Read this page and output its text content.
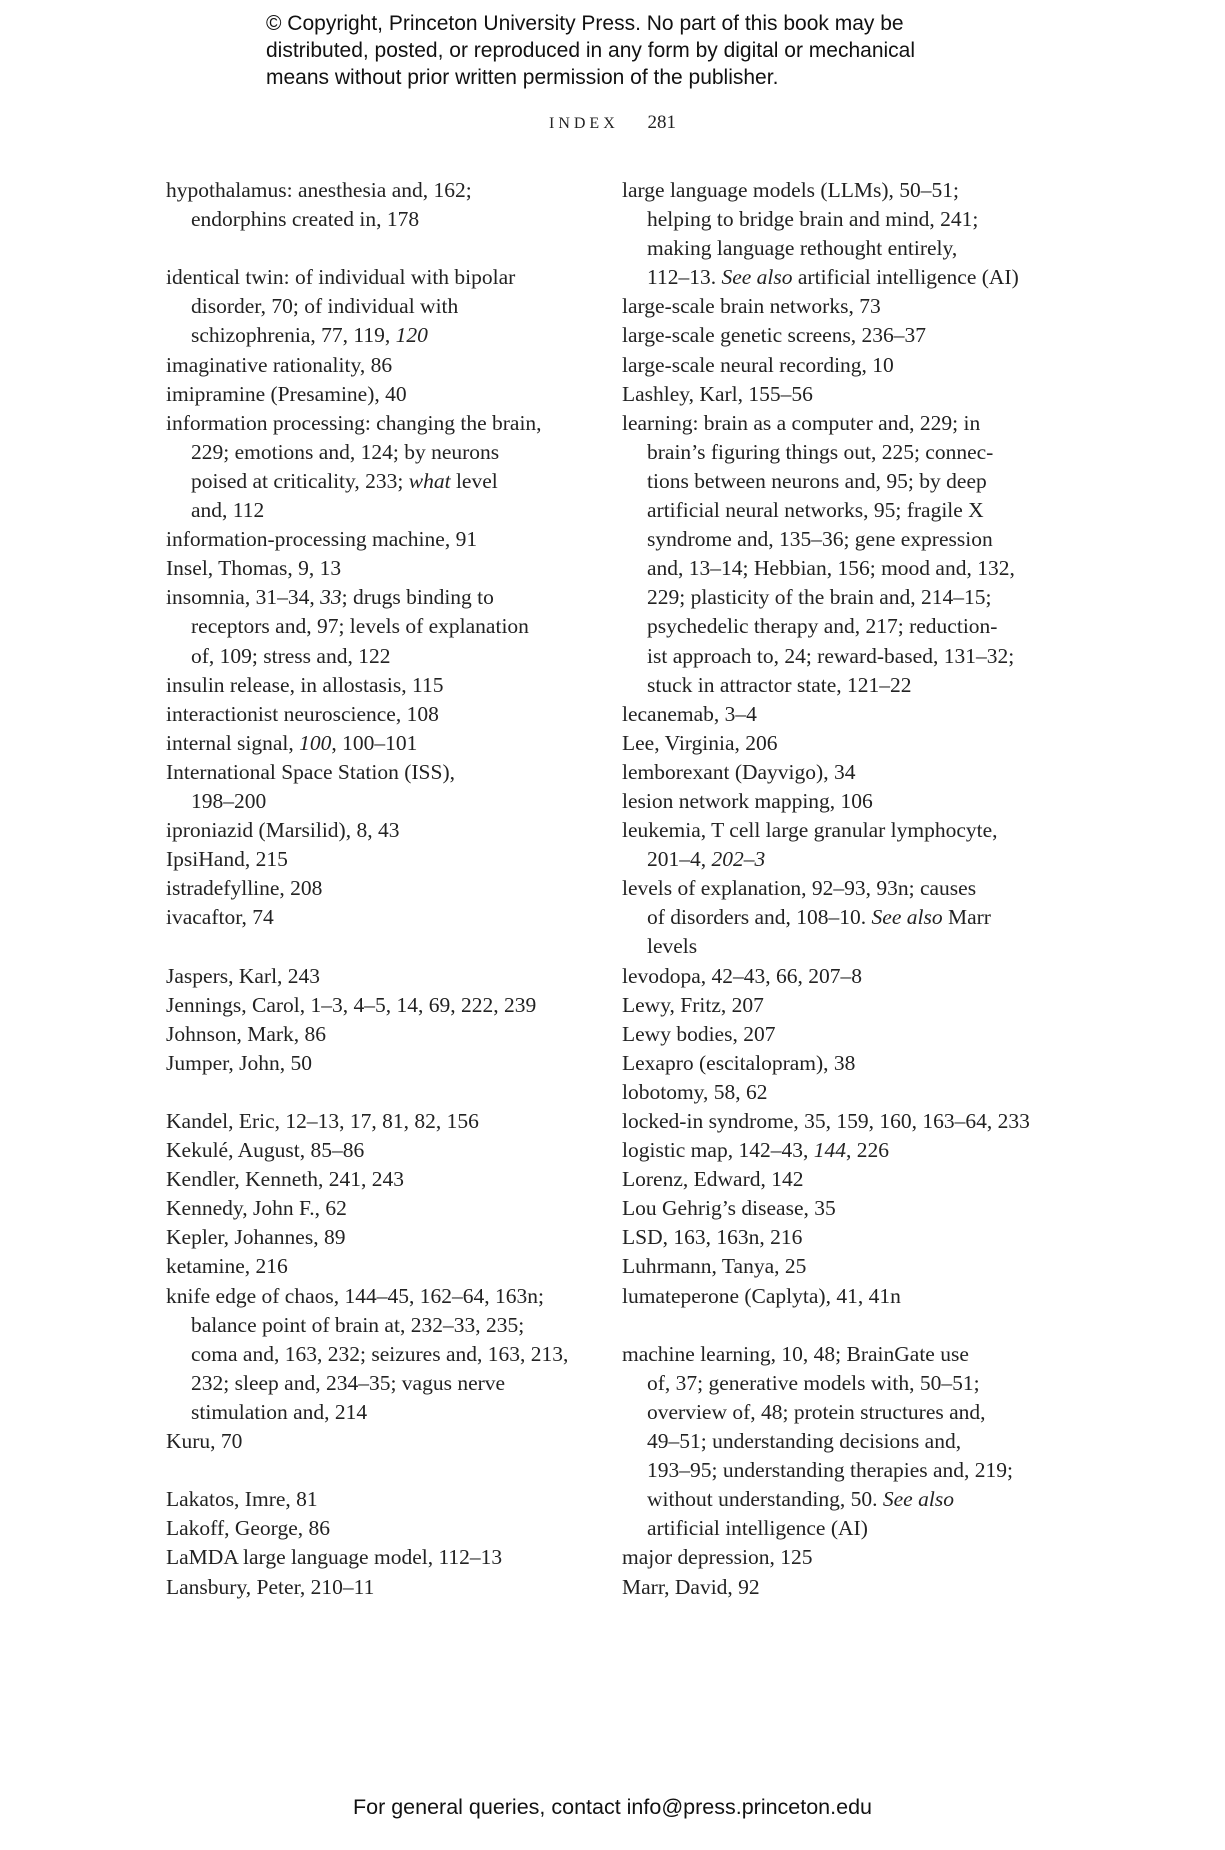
© Copyright, Princeton University Press. No part of this book may be
distributed, posted, or reproduced in any form by digital or mechanical
means without prior written permission of the publisher.
INDEX 281
hypothalamus: anesthesia and, 162;
endorphins created in, 178
identical twin: of individual with bipolar
disorder, 70; of individual with
schizophrenia, 77, 119, 120
imaginative rationality, 86
imipramine (Presamine), 40
information processing: changing the brain,
229; emotions and, 124; by neurons
poised at criticality, 233; what level
and, 112
information-processing machine, 91
Insel, Thomas, 9, 13
insomnia, 31–34, 33; drugs binding to
receptors and, 97; levels of explanation
of, 109; stress and, 122
insulin release, in allostasis, 115
interactionist neuroscience, 108
internal signal, 100, 100–101
International Space Station (ISS),
198–200
iproniazid (Marsilid), 8, 43
IpsiHand, 215
istradefylline, 208
ivacaftor, 74
Jaspers, Karl, 243
Jennings, Carol, 1–3, 4–5, 14, 69, 222, 239
Johnson, Mark, 86
Jumper, John, 50
Kandel, Eric, 12–13, 17, 81, 82, 156
Kekulé, August, 85–86
Kendler, Kenneth, 241, 243
Kennedy, John F., 62
Kepler, Johannes, 89
ketamine, 216
knife edge of chaos, 144–45, 162–64, 163n;
balance point of brain at, 232–33, 235;
coma and, 163, 232; seizures and, 163, 213,
232; sleep and, 234–35; vagus nerve
stimulation and, 214
Kuru, 70
Lakatos, Imre, 81
Lakoff, George, 86
LaMDA large language model, 112–13
Lansbury, Peter, 210–11
large language models (LLMs), 50–51;
helping to bridge brain and mind, 241;
making language rethought entirely,
112–13. See also artificial intelligence (AI)
large-scale brain networks, 73
large-scale genetic screens, 236–37
large-scale neural recording, 10
Lashley, Karl, 155–56
learning: brain as a computer and, 229; in
brain’s figuring things out, 225; connec-
tions between neurons and, 95; by deep
artificial neural networks, 95; fragile X
syndrome and, 135–36; gene expression
and, 13–14; Hebbian, 156; mood and, 132,
229; plasticity of the brain and, 214–15;
psychedelic therapy and, 217; reduction-
ist approach to, 24; reward-based, 131–32;
stuck in attractor state, 121–22
lecanemab, 3–4
Lee, Virginia, 206
lemborexant (Dayvigo), 34
lesion network mapping, 106
leukemia, T cell large granular lymphocyte,
201–4, 202–3
levels of explanation, 92–93, 93n; causes
of disorders and, 108–10. See also Marr
levels
levodopa, 42–43, 66, 207–8
Lewy, Fritz, 207
Lewy bodies, 207
Lexapro (escitalopram), 38
lobotomy, 58, 62
locked-in syndrome, 35, 159, 160, 163–64, 233
logistic map, 142–43, 144, 226
Lorenz, Edward, 142
Lou Gehrig’s disease, 35
LSD, 163, 163n, 216
Luhrmann, Tanya, 25
lumateperone (Caplyta), 41, 41n
machine learning, 10, 48; BrainGate use
of, 37; generative models with, 50–51;
overview of, 48; protein structures and,
49–51; understanding decisions and,
193–95; understanding therapies and, 219;
without understanding, 50. See also
artificial intelligence (AI)
major depression, 125
Marr, David, 92
For general queries, contact info@press.princeton.edu
